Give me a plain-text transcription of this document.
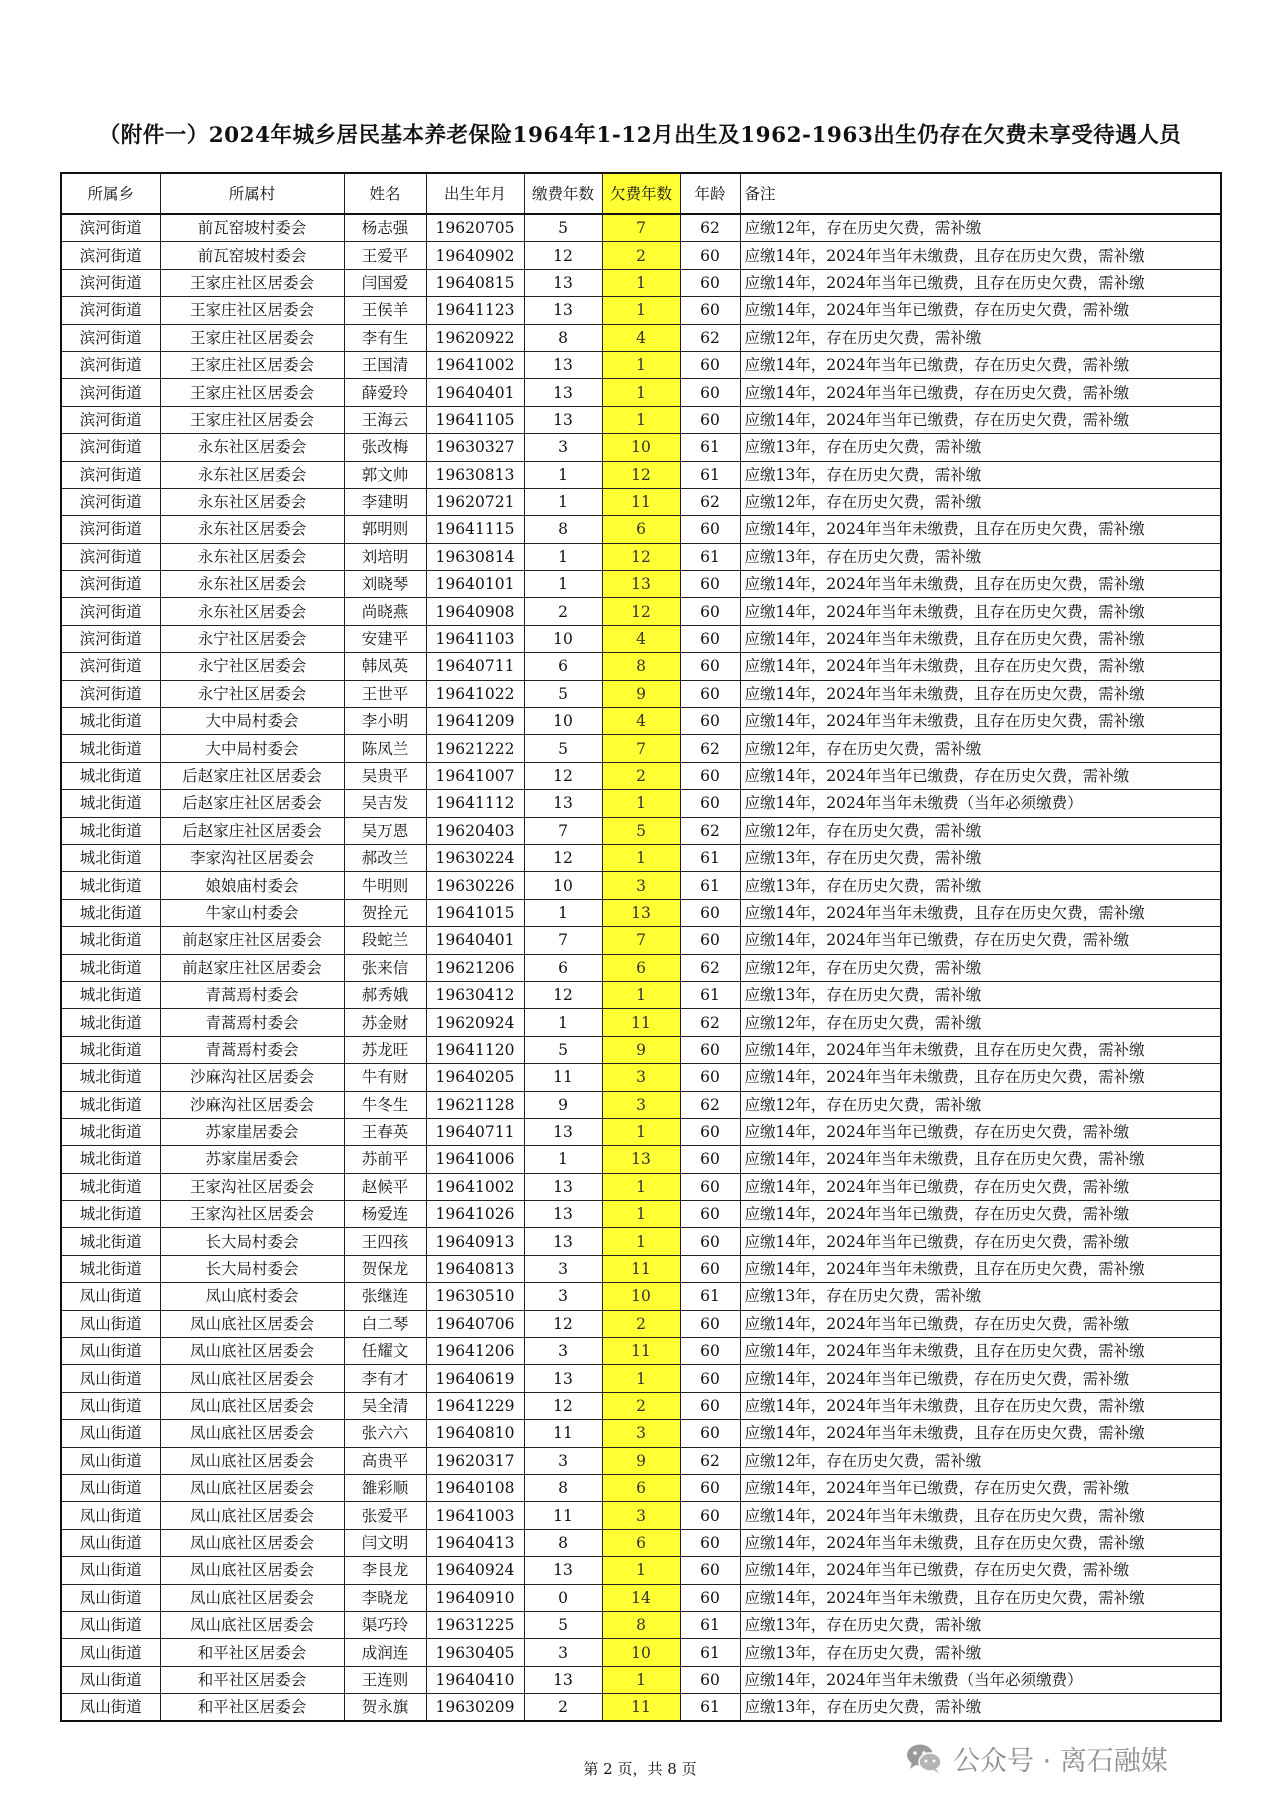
（附件一）2024年城乡居民基本养老保险1964年1-12月出生及1962-1963出生仍存在欠费未享受待遇人员
所属乡	所属村	姓名	出生年月	缴费年数	欠费年数	年龄	备注
滨河街道	前瓦窑坡村委会	杨志强	19620705	5	7	62	应缴12年，存在历史欠费，需补缴
滨河街道	前瓦窑坡村委会	王爱平	19640902	12	2	60	应缴14年，2024年当年未缴费，且存在历史欠费，需补缴
滨河街道	王家庄社区居委会	闫国爱	19640815	13	1	60	应缴14年，2024年当年已缴费，且存在历史欠费，需补缴
滨河街道	王家庄社区居委会	王侯羊	19641123	13	1	60	应缴14年，2024年当年已缴费，存在历史欠费，需补缴
滨河街道	王家庄社区居委会	李有生	19620922	8	4	62	应缴12年，存在历史欠费，需补缴
滨河街道	王家庄社区居委会	王国清	19641002	13	1	60	应缴14年，2024年当年已缴费，存在历史欠费，需补缴
滨河街道	王家庄社区居委会	薛爱玲	19640401	13	1	60	应缴14年，2024年当年已缴费，存在历史欠费，需补缴
滨河街道	王家庄社区居委会	王海云	19641105	13	1	60	应缴14年，2024年当年已缴费，存在历史欠费，需补缴
滨河街道	永东社区居委会	张改梅	19630327	3	10	61	应缴13年，存在历史欠费，需补缴
滨河街道	永东社区居委会	郭文帅	19630813	1	12	61	应缴13年，存在历史欠费，需补缴
滨河街道	永东社区居委会	李建明	19620721	1	11	62	应缴12年，存在历史欠费，需补缴
滨河街道	永东社区居委会	郭明则	19641115	8	6	60	应缴14年，2024年当年未缴费，且存在历史欠费，需补缴
滨河街道	永东社区居委会	刘培明	19630814	1	12	61	应缴13年，存在历史欠费，需补缴
滨河街道	永东社区居委会	刘晓琴	19640101	1	13	60	应缴14年，2024年当年未缴费，且存在历史欠费，需补缴
滨河街道	永东社区居委会	尚晓燕	19640908	2	12	60	应缴14年，2024年当年未缴费，且存在历史欠费，需补缴
滨河街道	永宁社区居委会	安建平	19641103	10	4	60	应缴14年，2024年当年未缴费，且存在历史欠费，需补缴
滨河街道	永宁社区居委会	韩凤英	19640711	6	8	60	应缴14年，2024年当年未缴费，且存在历史欠费，需补缴
滨河街道	永宁社区居委会	王世平	19641022	5	9	60	应缴14年，2024年当年未缴费，且存在历史欠费，需补缴
城北街道	大中局村委会	李小明	19641209	10	4	60	应缴14年，2024年当年未缴费，且存在历史欠费，需补缴
城北街道	大中局村委会	陈凤兰	19621222	5	7	62	应缴12年，存在历史欠费，需补缴
城北街道	后赵家庄社区居委会	吴贵平	19641007	12	2	60	应缴14年，2024年当年已缴费，存在历史欠费，需补缴
城北街道	后赵家庄社区居委会	吴吉发	19641112	13	1	60	应缴14年，2024年当年未缴费（当年必须缴费）
城北街道	后赵家庄社区居委会	吴万恩	19620403	7	5	62	应缴12年，存在历史欠费，需补缴
城北街道	李家沟社区居委会	郝改兰	19630224	12	1	61	应缴13年，存在历史欠费，需补缴
城北街道	娘娘庙村委会	牛明则	19630226	10	3	61	应缴13年，存在历史欠费，需补缴
城北街道	牛家山村委会	贺拴元	19641015	1	13	60	应缴14年，2024年当年未缴费，且存在历史欠费，需补缴
城北街道	前赵家庄社区居委会	段蛇兰	19640401	7	7	60	应缴14年，2024年当年已缴费，存在历史欠费，需补缴
城北街道	前赵家庄社区居委会	张来信	19621206	6	6	62	应缴12年，存在历史欠费，需补缴
城北街道	青蒿焉村委会	郝秀娥	19630412	12	1	61	应缴13年，存在历史欠费，需补缴
城北街道	青蒿焉村委会	苏金财	19620924	1	11	62	应缴12年，存在历史欠费，需补缴
城北街道	青蒿焉村委会	苏龙旺	19641120	5	9	60	应缴14年，2024年当年未缴费，且存在历史欠费，需补缴
城北街道	沙麻沟社区居委会	牛有财	19640205	11	3	60	应缴14年，2024年当年未缴费，且存在历史欠费，需补缴
城北街道	沙麻沟社区居委会	牛冬生	19621128	9	3	62	应缴12年，存在历史欠费，需补缴
城北街道	苏家崖居委会	王春英	19640711	13	1	60	应缴14年，2024年当年已缴费，存在历史欠费，需补缴
城北街道	苏家崖居委会	苏前平	19641006	1	13	60	应缴14年，2024年当年未缴费，且存在历史欠费，需补缴
城北街道	王家沟社区居委会	赵候平	19641002	13	1	60	应缴14年，2024年当年已缴费，存在历史欠费，需补缴
城北街道	王家沟社区居委会	杨爱连	19641026	13	1	60	应缴14年，2024年当年已缴费，存在历史欠费，需补缴
城北街道	长大局村委会	王四孩	19640913	13	1	60	应缴14年，2024年当年已缴费，存在历史欠费，需补缴
城北街道	长大局村委会	贺保龙	19640813	3	11	60	应缴14年，2024年当年未缴费，且存在历史欠费，需补缴
凤山街道	凤山底村委会	张继连	19630510	3	10	61	应缴13年，存在历史欠费，需补缴
凤山街道	凤山底社区居委会	白二琴	19640706	12	2	60	应缴14年，2024年当年已缴费，存在历史欠费，需补缴
凤山街道	凤山底社区居委会	任耀文	19641206	3	11	60	应缴14年，2024年当年未缴费，且存在历史欠费，需补缴
凤山街道	凤山底社区居委会	李有才	19640619	13	1	60	应缴14年，2024年当年已缴费，存在历史欠费，需补缴
凤山街道	凤山底社区居委会	吴全清	19641229	12	2	60	应缴14年，2024年当年未缴费，且存在历史欠费，需补缴
凤山街道	凤山底社区居委会	张六六	19640810	11	3	60	应缴14年，2024年当年未缴费，且存在历史欠费，需补缴
凤山街道	凤山底社区居委会	高贵平	19620317	3	9	62	应缴12年，存在历史欠费，需补缴
凤山街道	凤山底社区居委会	雒彩顺	19640108	8	6	60	应缴14年，2024年当年已缴费，存在历史欠费，需补缴
凤山街道	凤山底社区居委会	张爱平	19641003	11	3	60	应缴14年，2024年当年未缴费，且存在历史欠费，需补缴
凤山街道	凤山底社区居委会	闫文明	19640413	8	6	60	应缴14年，2024年当年未缴费，且存在历史欠费，需补缴
凤山街道	凤山底社区居委会	李艮龙	19640924	13	1	60	应缴14年，2024年当年已缴费，存在历史欠费，需补缴
凤山街道	凤山底社区居委会	李晓龙	19640910	0	14	60	应缴14年，2024年当年未缴费，且存在历史欠费，需补缴
凤山街道	凤山底社区居委会	渠巧玲	19631225	5	8	61	应缴13年，存在历史欠费，需补缴
凤山街道	和平社区居委会	成润连	19630405	3	10	61	应缴13年，存在历史欠费，需补缴
凤山街道	和平社区居委会	王连则	19640410	13	1	60	应缴14年，2024年当年未缴费（当年必须缴费）
凤山街道	和平社区居委会	贺永旗	19630209	2	11	61	应缴13年，存在历史欠费，需补缴
第 2 页，共 8 页	公众号 · 离石融媒
